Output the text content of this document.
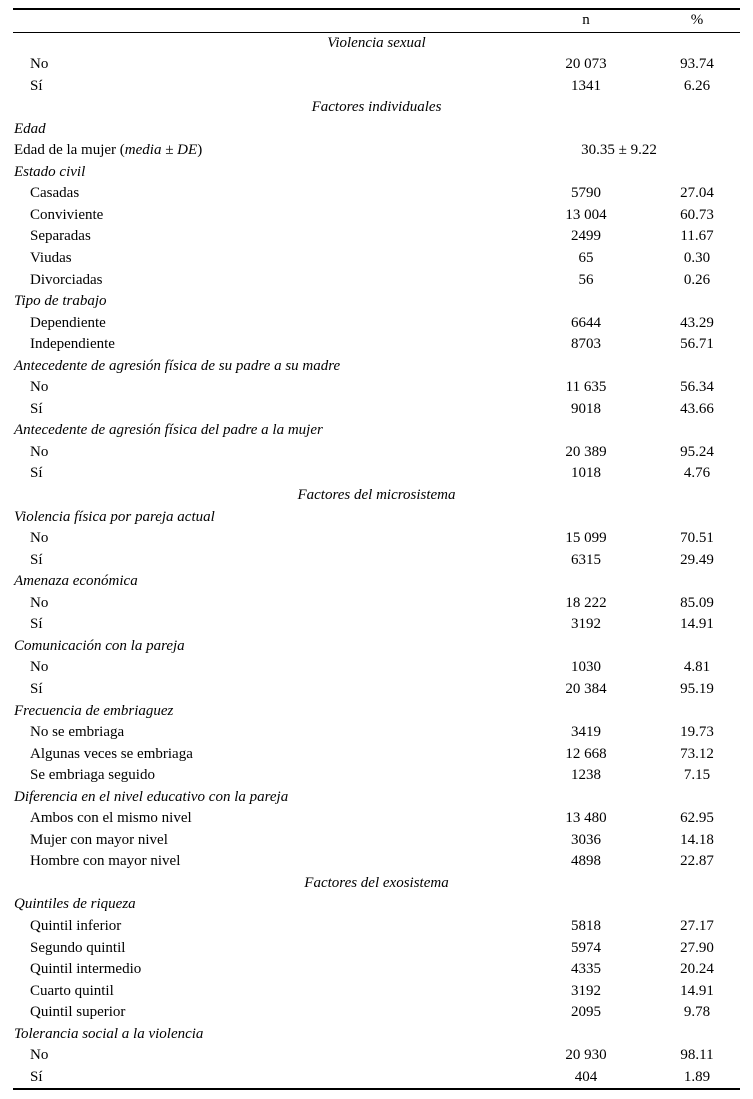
n	%
Violencia sexual
No	20 073	93.74
Sí	1341	6.26
Factores individuales
Edad
Edad de la mujer (media ± DE)	30.35 ± 9.22
Estado civil
Casadas	5790	27.04
Conviviente	13 004	60.73
Separadas	2499	11.67
Viudas	65	0.30
Divorciadas	56	0.26
Tipo de trabajo
Dependiente	6644	43.29
Independiente	8703	56.71
Antecedente de agresión física de su padre a su madre
No	11 635	56.34
Sí	9018	43.66
Antecedente de agresión física del padre a la mujer
No	20 389	95.24
Sí	1018	4.76
Factores del microsistema
Violencia física por pareja actual
No	15 099	70.51
Sí	6315	29.49
Amenaza económica
No	18 222	85.09
Sí	3192	14.91
Comunicación con la pareja
No	1030	4.81
Sí	20 384	95.19
Frecuencia de embriaguez
No se embriaga	3419	19.73
Algunas veces se embriaga	12 668	73.12
Se embriaga seguido	1238	7.15
Diferencia en el nivel educativo con la pareja
Ambos con el mismo nivel	13 480	62.95
Mujer con mayor nivel	3036	14.18
Hombre con mayor nivel	4898	22.87
Factores del exosistema
Quintiles de riqueza
Quintil inferior	5818	27.17
Segundo quintil	5974	27.90
Quintil intermedio	4335	20.24
Cuarto quintil	3192	14.91
Quintil superior	2095	9.78
Tolerancia social a la violencia
No	20 930	98.11
Sí	404	1.89
